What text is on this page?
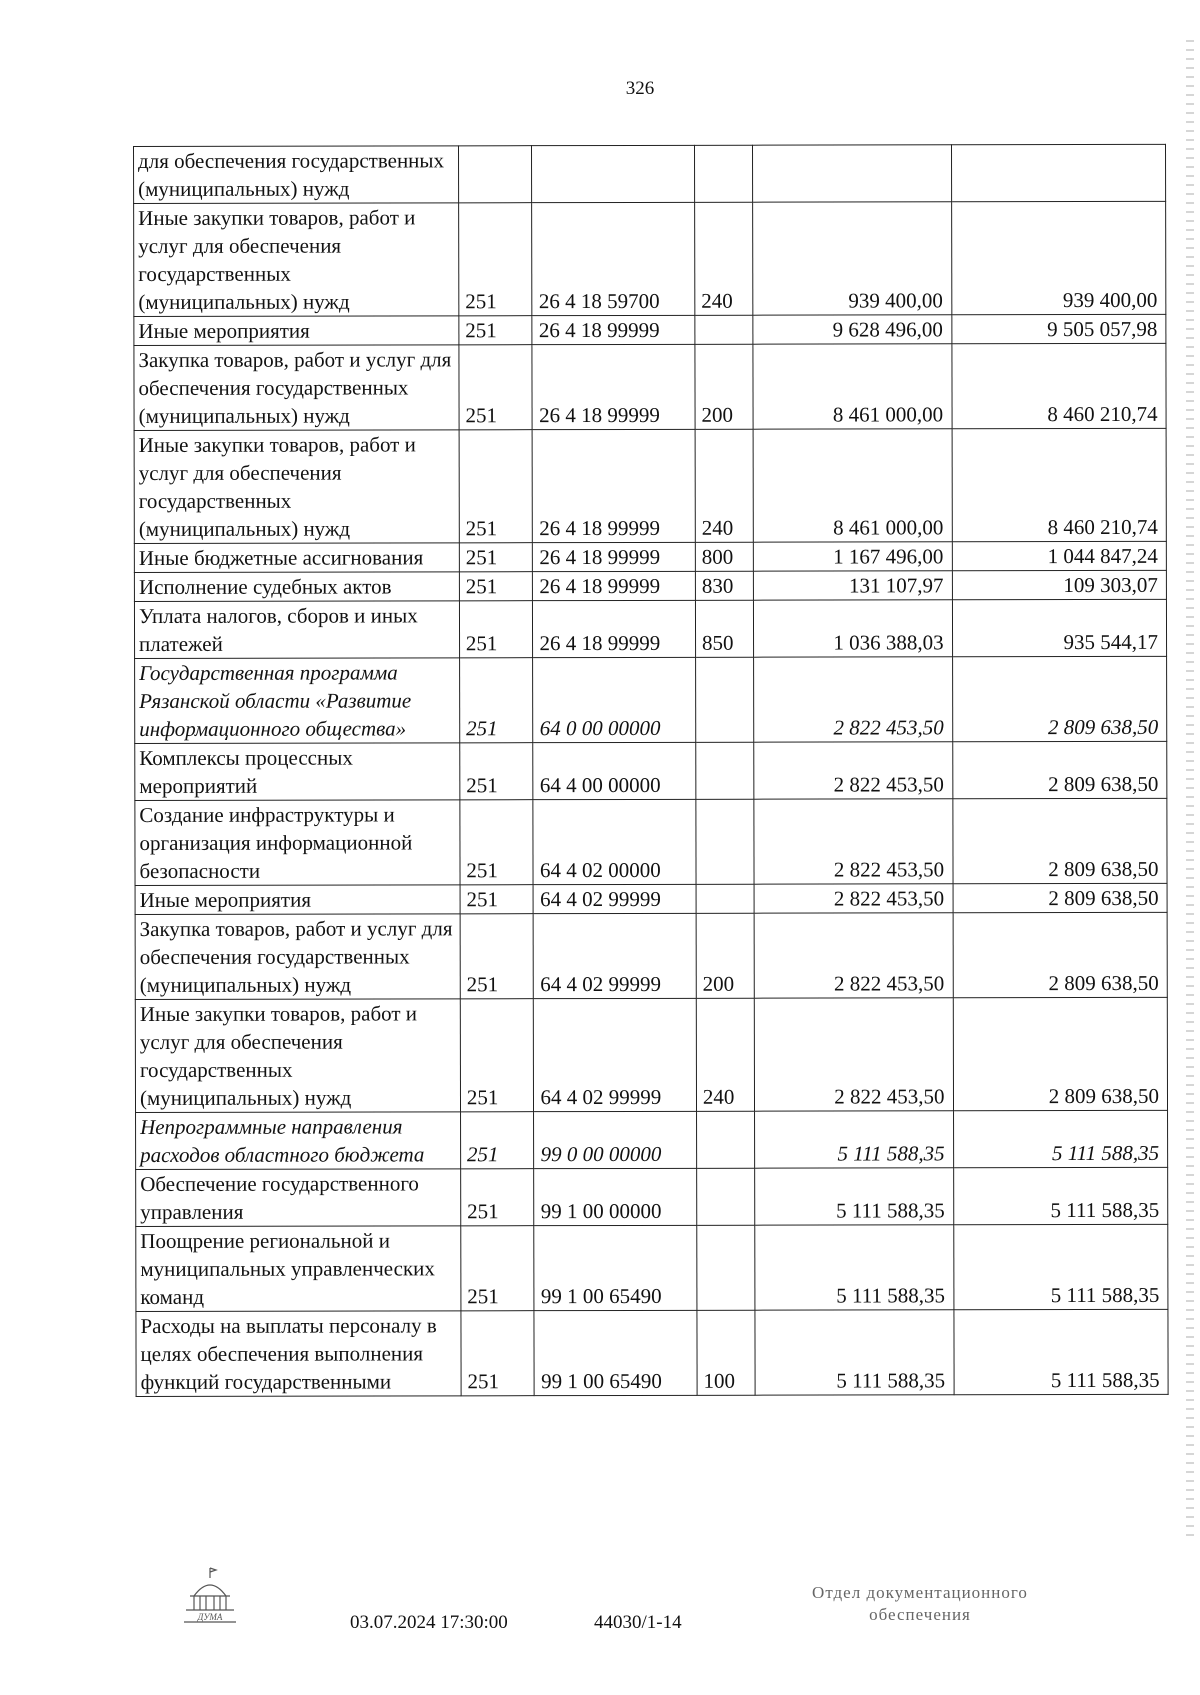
326
для обеспечения государственных (муниципальных) нужд					
Иные закупки товаров, работ и услуг для обеспечения государственных (муниципальных) нужд	251	26 4 18 59700	240	939 400,00	939 400,00
Иные мероприятия	251	26 4 18 99999		9 628 496,00	9 505 057,98
Закупка товаров, работ и услуг для обеспечения государственных (муниципальных) нужд	251	26 4 18 99999	200	8 461 000,00	8 460 210,74
Иные закупки товаров, работ и услуг для обеспечения государственных (муниципальных) нужд	251	26 4 18 99999	240	8 461 000,00	8 460 210,74
Иные бюджетные ассигнования	251	26 4 18 99999	800	1 167 496,00	1 044 847,24
Исполнение судебных актов	251	26 4 18 99999	830	131 107,97	109 303,07
Уплата налогов, сборов и иных платежей	251	26 4 18 99999	850	1 036 388,03	935 544,17
Государственная программа Рязанской области «Развитие информационного общества»	251	64 0 00 00000		2 822 453,50	2 809 638,50
Комплексы процессных мероприятий	251	64 4 00 00000		2 822 453,50	2 809 638,50
Создание инфраструктуры и организация информационной безопасности	251	64 4 02 00000		2 822 453,50	2 809 638,50
Иные мероприятия	251	64 4 02 99999		2 822 453,50	2 809 638,50
Закупка товаров, работ и услуг для обеспечения государственных (муниципальных) нужд	251	64 4 02 99999	200	2 822 453,50	2 809 638,50
Иные закупки товаров, работ и услуг для обеспечения государственных (муниципальных) нужд	251	64 4 02 99999	240	2 822 453,50	2 809 638,50
Непрограммные направления расходов областного бюджета	251	99 0 00 00000		5 111 588,35	5 111 588,35
Обеспечение государственного управления	251	99 1 00 00000		5 111 588,35	5 111 588,35
Поощрение региональной и муниципальных управленческих команд	251	99 1 00 65490		5 111 588,35	5 111 588,35
Расходы на выплаты персоналу в целях обеспечения выполнения функций государственными	251	99 1 00 65490	100	5 111 588,35	5 111 588,35
ДУМА	03.07.2024 17:30:00	44030/1-14
Отдел документационного
обеспечения
